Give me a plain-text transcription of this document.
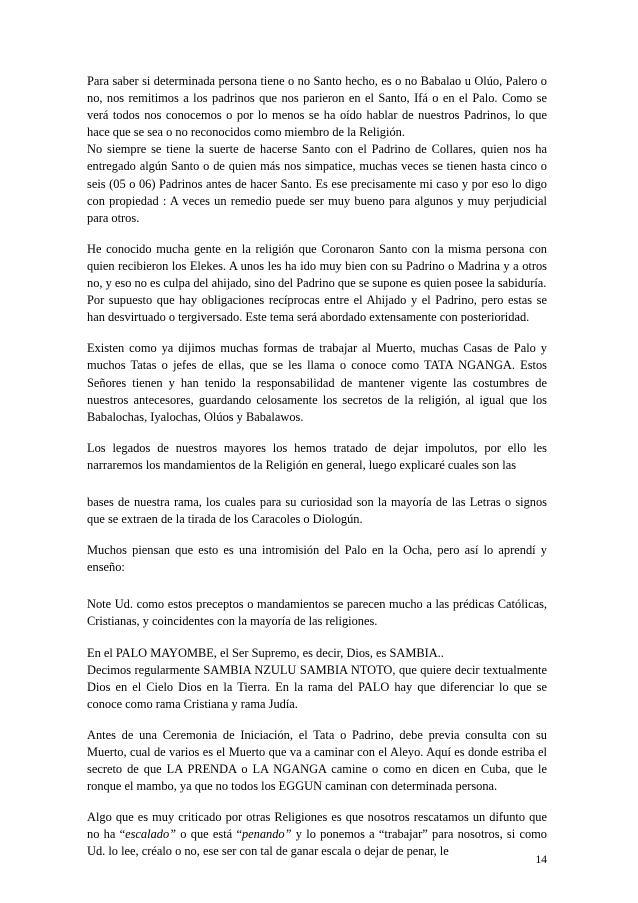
Para saber si determinada persona tiene o no Santo hecho, es o no Babalao u Olúo, Palero o no, nos remitimos a los padrinos que nos parieron en el Santo, Ifá o en el Palo. Como se verá todos nos conocemos o por lo menos se ha oído hablar de nuestros Padrinos, lo que hace que se sea o no reconocidos como miembro de la Religión.

No siempre se tiene la suerte de hacerse Santo con el Padrino de Collares, quien nos ha entregado algún Santo o de quien más nos simpatice, muchas veces se tienen hasta cinco o seis (05 o 06) Padrinos antes de hacer Santo. Es ese precisamente mi caso y por eso lo digo con propiedad : A veces un remedio puede ser muy bueno para algunos y muy perjudicial para otros.

He conocido mucha gente en la religión que Coronaron Santo con la misma persona con quien recibieron los Elekes. A unos les ha ido muy bien con su Padrino o Madrina y a otros no, y eso no es culpa del ahijado, sino del Padrino que se supone es quien posee la sabiduría.

Por supuesto que hay obligaciones recíprocas entre el Ahijado y el Padrino, pero estas se han desvirtuado o tergiversado. Este tema será abordado extensamente con posterioridad.

Existen como ya dijimos muchas formas de trabajar al Muerto, muchas Casas de Palo y muchos Tatas o jefes de ellas, que se les llama o conoce como TATA NGANGA. Estos Señores tienen y han tenido la responsabilidad de mantener vigente las costumbres de nuestros antecesores, guardando celosamente los secretos de la religión, al igual que los Babalochas, Iyalochas, Olúos y Babalawos.

Los legados de nuestros mayores los hemos tratado de dejar impolutos, por ello les narraremos los mandamientos de la Religión en general, luego explicaré cuales son las

bases de nuestra rama, los cuales para su curiosidad son la mayoría de las Letras o signos que se extraen de la tirada de los Caracoles o Diologún.

Muchos piensan que esto es una intromisión del Palo en la Ocha, pero así lo aprendí y enseño:

Note Ud. como estos preceptos o mandamientos se parecen mucho a las prédicas Católicas, Cristianas, y coincidentes con la mayoría de las religiones.

En el PALO MAYOMBE, el Ser Supremo, es decir, Dios, es SAMBIA..

Decimos regularmente SAMBIA NZULU SAMBIA NTOTO, que quiere decir textualmente Dios en el Cielo Dios en la Tierra. En la rama del PALO hay que diferenciar lo que se conoce como rama Cristiana y rama Judía.

Antes de una Ceremonia de Iniciación, el Tata o Padrino, debe previa consulta con su Muerto, cual de varios es el Muerto que va a caminar con el Aleyo. Aquí es donde estriba el secreto de que LA PRENDA o LA NGANGA camine o como en dicen en Cuba, que le ronque el mambo, ya que no todos los EGGUN caminan con determinada persona.

Algo que es muy criticado por otras Religiones es que nosotros rescatamos un difunto que no ha “escalado” o que está “penando” y lo ponemos a “trabajar” para nosotros, si como Ud. lo lee, créalo o no, ese ser con tal de ganar escala o dejar de penar, le

14
